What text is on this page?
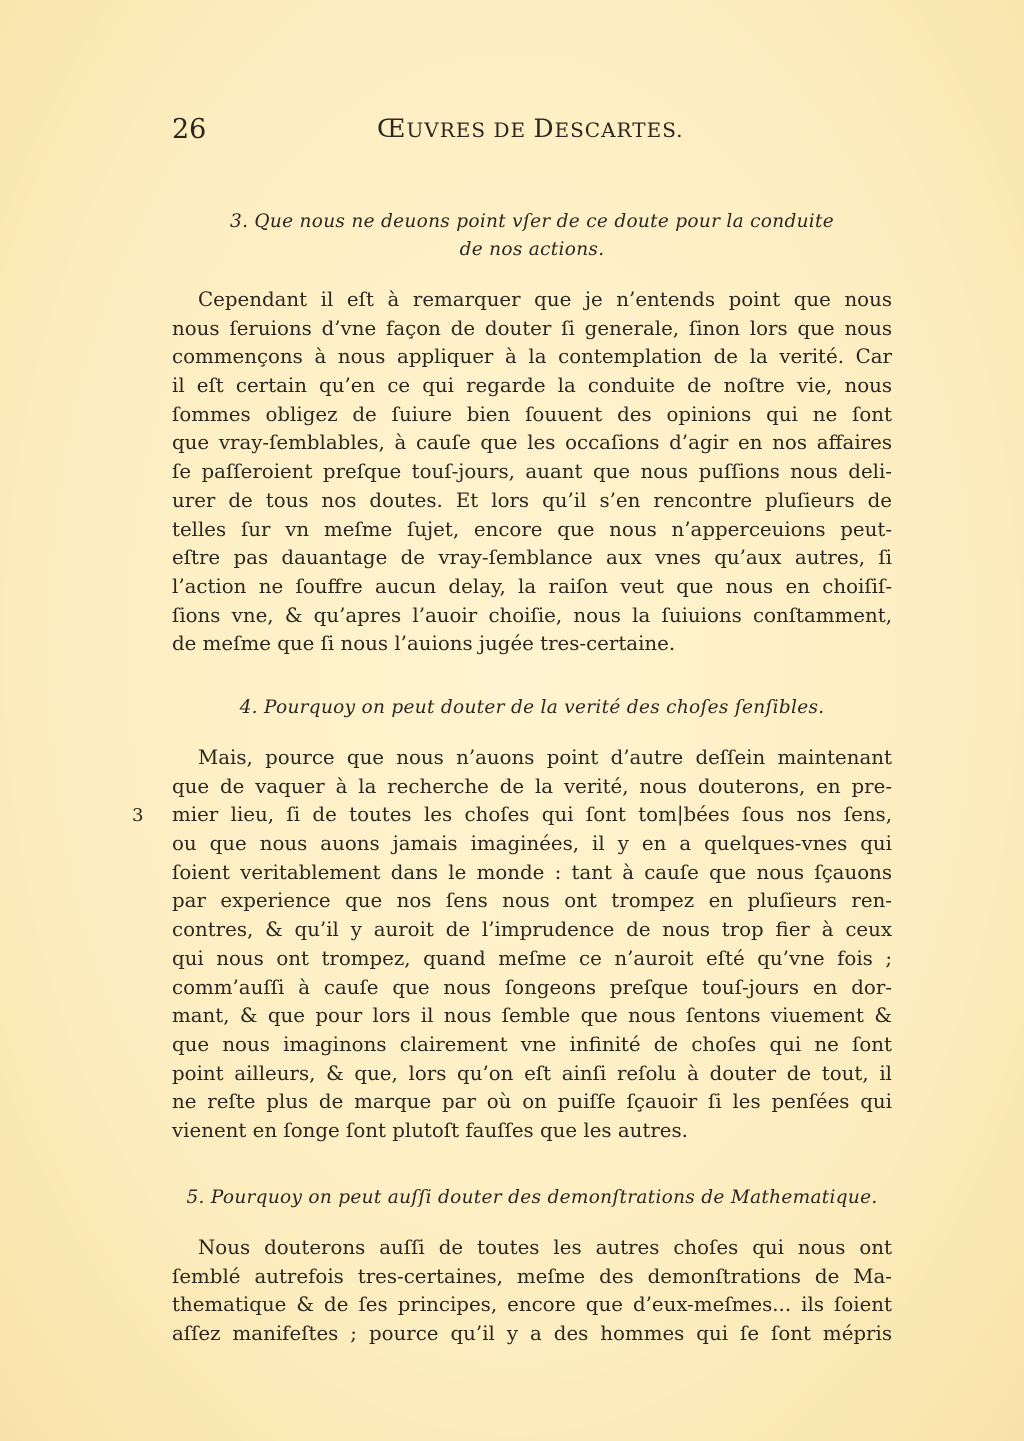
26	ŒUVRES DE DESCARTES.
3. Que nous ne deuons point vſer de ce doute pour la conduite
de nos actions.
Cependant il eſt à remarquer que je n’entends point que nous
nous ſeruions d’vne façon de douter ſi generale, ſinon lors que nous
commençons à nous appliquer à la contemplation de la verité. Car
il eſt certain qu’en ce qui regarde la conduite de noſtre vie, nous
ſommes obligez de ſuiure bien ſouuent des opinions qui ne ſont
que vray-ſemblables, à cauſe que les occaſions d’agir en nos affaires
ſe paſſeroient preſque touſ-jours, auant que nous puſſions nous deli-
urer de tous nos doutes. Et lors qu’il s’en rencontre pluſieurs de
telles ſur vn meſme ſujet, encore que nous n’apperceuions peut-
eſtre pas dauantage de vray-ſemblance aux vnes qu’aux autres, ſi
l’action ne ſouffre aucun delay, la raiſon veut que nous en choiſiſ-
ſions vne, & qu’apres l’auoir choiſie, nous la ſuiuions conſtamment,
de meſme que ſi nous l’auions jugée tres-certaine.
4. Pourquoy on peut douter de la verité des choſes ſenſibles.
Mais, pource que nous n’auons point d’autre deſſein maintenant
que de vaquer à la recherche de la verité, nous douterons, en pre-
mier lieu, ſi de toutes les choſes qui ſont tom|bées ſous nos ſens,
ou que nous auons jamais imaginées, il y en a quelques-vnes qui
ſoient veritablement dans le monde : tant à cauſe que nous ſçauons
par experience que nos ſens nous ont trompez en pluſieurs ren-
contres, & qu’il y auroit de l’imprudence de nous trop fier à ceux
qui nous ont trompez, quand meſme ce n’auroit eſté qu’vne fois ;
comm’auſſi à cauſe que nous ſongeons preſque touſ-jours en dor-
mant, & que pour lors il nous ſemble que nous ſentons viuement &
que nous imaginons clairement vne infinité de choſes qui ne ſont
point ailleurs, & que, lors qu’on eſt ainſi reſolu à douter de tout, il
ne reſte plus de marque par où on puiſſe ſçauoir ſi les penſées qui
vienent en ſonge ſont plutoſt fauſſes que les autres.
3
5. Pourquoy on peut auſſi douter des demonſtrations de Mathematique.
Nous douterons auſſi de toutes les autres choſes qui nous ont
ſemblé autrefois tres-certaines, meſme des demonſtrations de Ma-
thematique & de ſes principes, encore que d’eux-meſmes... ils ſoient
aſſez manifeſtes ; pource qu’il y a des hommes qui ſe ſont mépris
